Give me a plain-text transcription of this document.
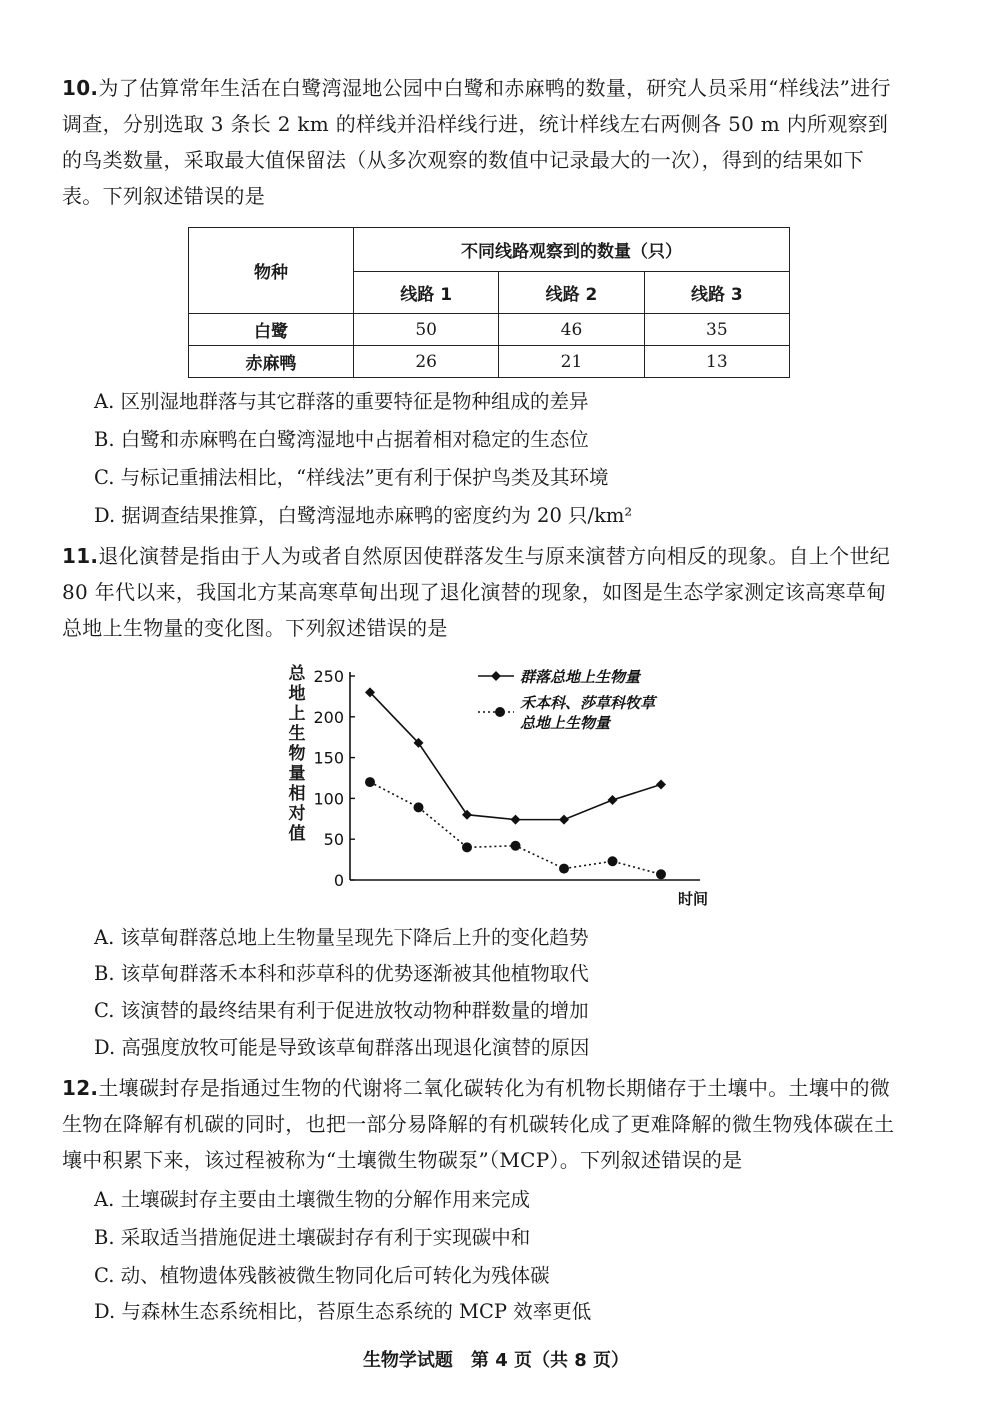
10.为了估算常年生活在白鹭湾湿地公园中白鹭和赤麻鸭的数量，研究人员采用“样线法”进行调查，分别选取 3 条长 2 km 的样线并沿样线行进，统计样线左右两侧各 50 m 内所观察到的鸟类数量，采取最大值保留法（从多次观察的数值中记录最大的一次），得到的结果如下表。下列叙述错误的是
物种	不同线路观察到的数量（只）		
	线路 1	线路 2	线路 3
白鹭	50	46	35
赤麻鸭	26	21	13
A. 区别湿地群落与其它群落的重要特征是物种组成的差异
B. 白鹭和赤麻鸭在白鹭湾湿地中占据着相对稳定的生态位
C. 与标记重捕法相比，“样线法”更有利于保护鸟类及其环境
D. 据调查结果推算，白鹭湾湿地赤麻鸭的密度约为 20 只/km²
11.退化演替是指由于人为或者自然原因使群落发生与原来演替方向相反的现象。自上个世纪 80 年代以来，我国北方某高寒草甸出现了退化演替的现象，如图是生态学家测定该高寒草甸总地上生物量的变化图。下列叙述错误的是
总地上生物量相对值
250
200
150
100
50
0
时间
群落总地上生物量
禾本科、莎草科牧草
总地上生物量
A. 该草甸群落总地上生物量呈现先下降后上升的变化趋势
B. 该草甸群落禾本科和莎草科的优势逐渐被其他植物取代
C. 该演替的最终结果有利于促进放牧动物种群数量的增加
D. 高强度放牧可能是导致该草甸群落出现退化演替的原因
12.土壤碳封存是指通过生物的代谢将二氧化碳转化为有机物长期储存于土壤中。土壤中的微生物在降解有机碳的同时，也把一部分易降解的有机碳转化成了更难降解的微生物残体碳在土壤中积累下来，该过程被称为“土壤微生物碳泵”（MCP）。下列叙述错误的是
A. 土壤碳封存主要由土壤微生物的分解作用来完成
B. 采取适当措施促进土壤碳封存有利于实现碳中和
C. 动、植物遗体残骸被微生物同化后可转化为残体碳
D. 与森林生态系统相比，苔原生态系统的 MCP 效率更低
生物学试题　第 4 页（共 8 页）
